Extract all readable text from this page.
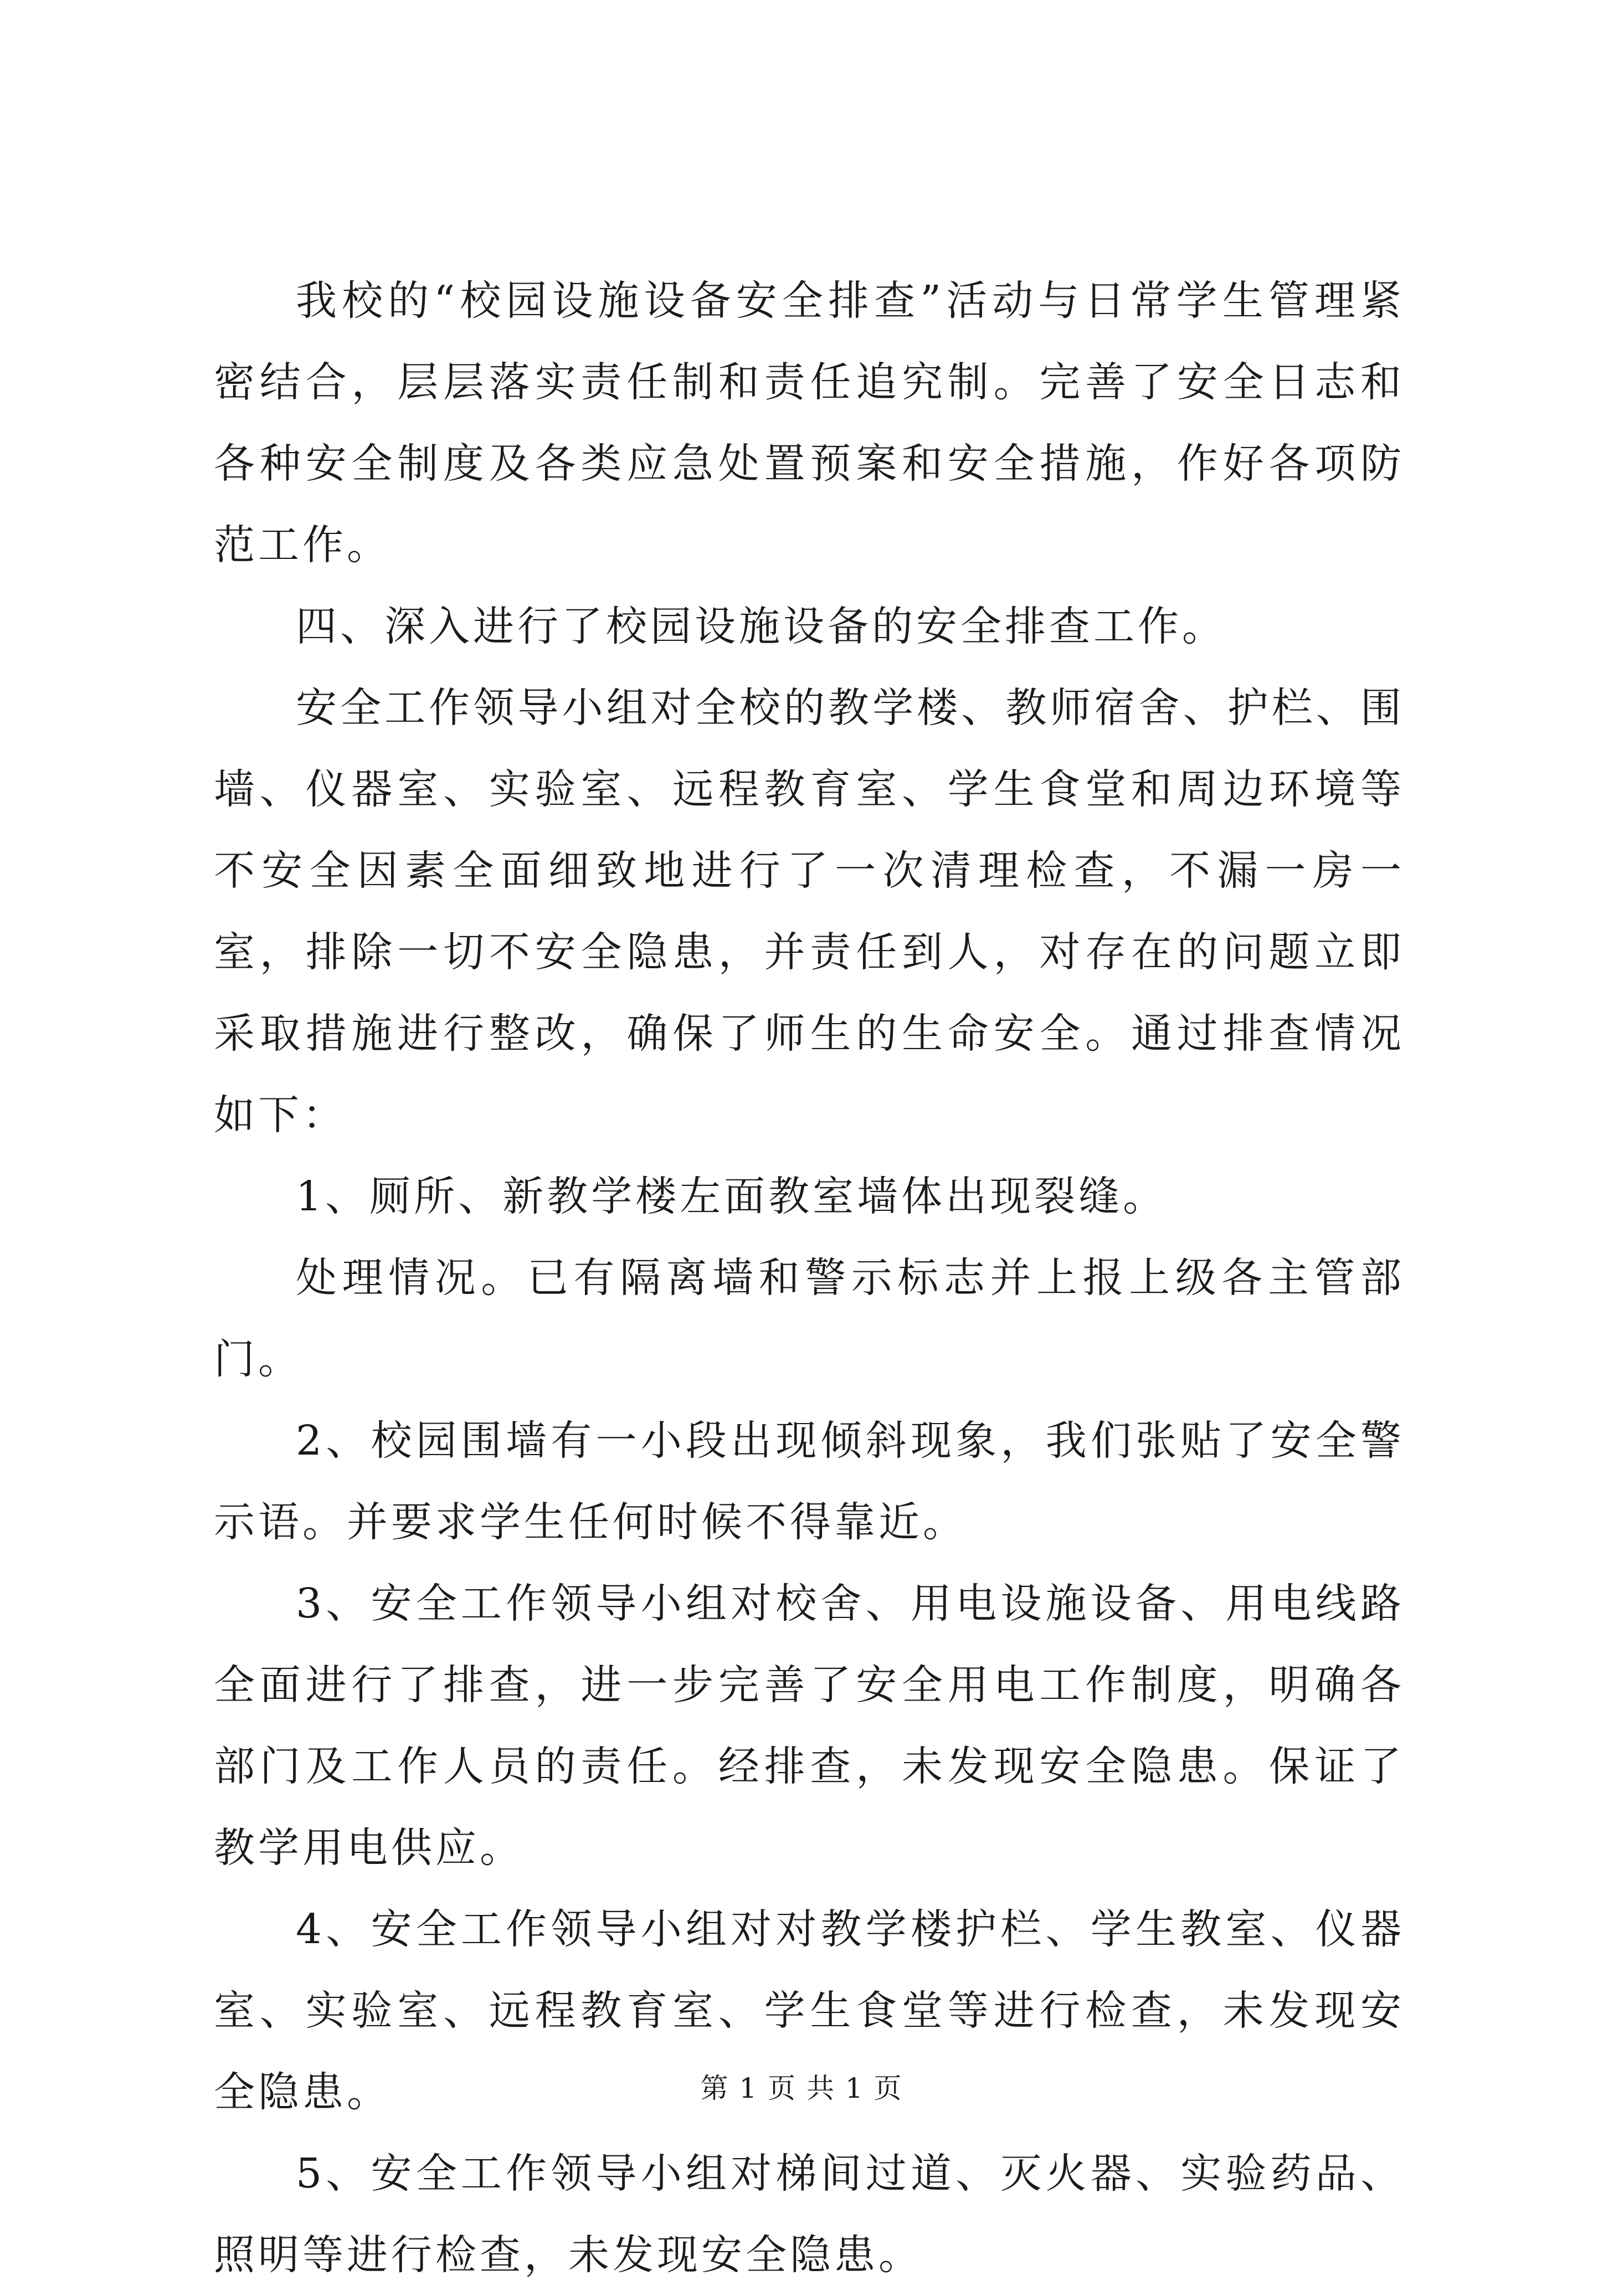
我校的“校园设施设备安全排查”活动与日常学生管理紧密结合，层层落实责任制和责任追究制。完善了安全日志和各种安全制度及各类应急处置预案和安全措施，作好各项防范工作。

四、深入进行了校园设施设备的安全排查工作。

安全工作领导小组对全校的教学楼、教师宿舍、护栏、围墙、仪器室、实验室、远程教育室、学生食堂和周边环境等不安全因素全面细致地进行了一次清理检查，不漏一房一室，排除一切不安全隐患，并责任到人，对存在的问题立即采取措施进行整改，确保了师生的生命安全。通过排查情况如下：

1、厕所、新教学楼左面教室墙体出现裂缝。

处理情况。已有隔离墙和警示标志并上报上级各主管部门。

2、校园围墙有一小段出现倾斜现象，我们张贴了安全警示语。并要求学生任何时候不得靠近。

3、安全工作领导小组对校舍、用电设施设备、用电线路全面进行了排查，进一步完善了安全用电工作制度，明确各部门及工作人员的责任。经排查，未发现安全隐患。保证了教学用电供应。

4、安全工作领导小组对对教学楼护栏、学生教室、仪器室、实验室、远程教育室、学生食堂等进行检查，未发现安全隐患。

5、安全工作领导小组对梯间过道、灭火器、实验药品、照明等进行检查，未发现安全隐患。

第 1 页 共 1 页
